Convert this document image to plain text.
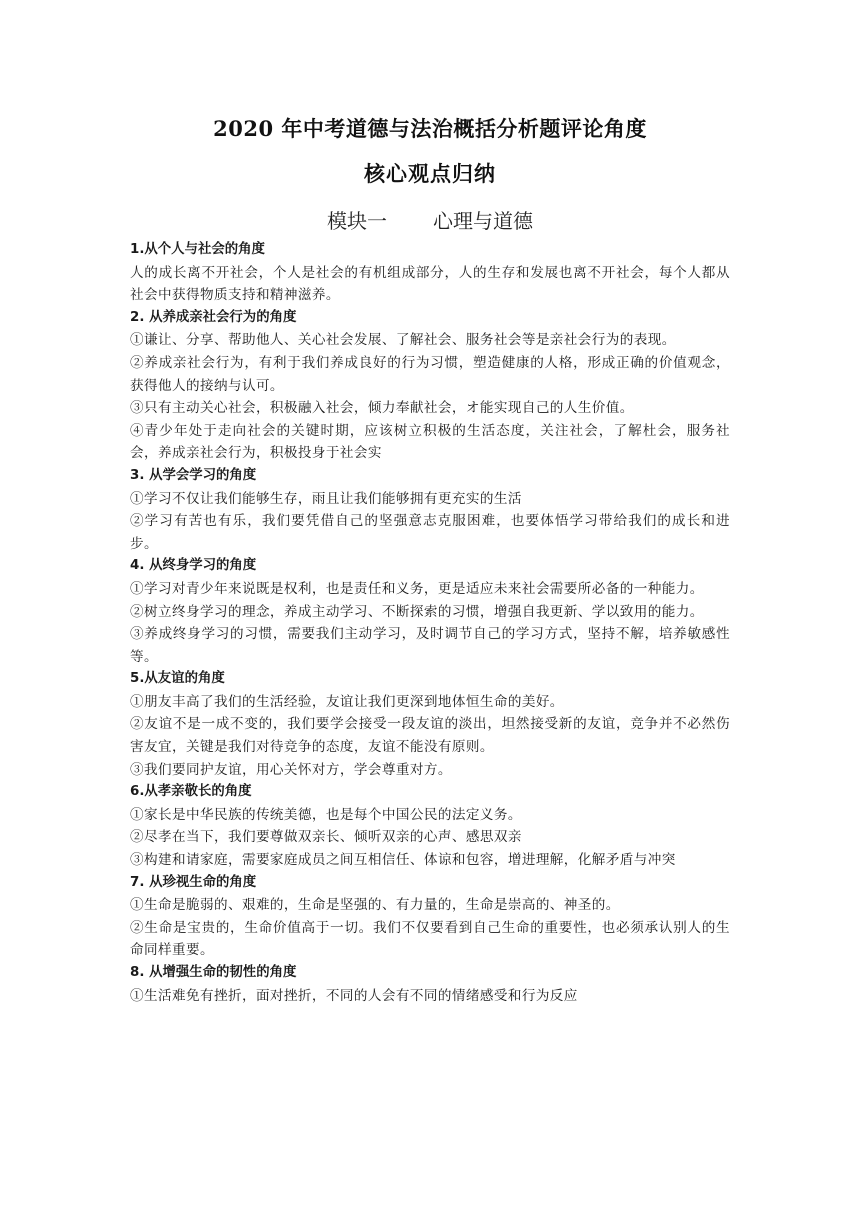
2020 年中考道德与法治概括分析题评论角度
核心观点归纳
模块一 心理与道德
1.从个人与社会的角度
人的成长离不开社会，个人是社会的有机组成部分，人的生存和发展也离不开社会，每个人都从社会中获得物质支持和精神滋养。
2. 从养成亲社会行为的角度
①谦让、分享、帮助他人、关心社会发展、了解社会、服务社会等是亲社会行为的表现。
②养成亲社会行为，有利于我们养成良好的行为习惯，塑造健康的人格，形成正确的价值观念，获得他人的接纳与认可。
③只有主动关心社会，积极融入社会，倾力奉献社会，オ能实现自己的人生价值。
④青少年处于走向社会的关键时期，应该树立积极的生活态度，关注社会，了解杜会，服务社会，养成亲社会行为，积极投身于社会实
3. 从学会学习的角度
①学习不仅让我们能够生存，雨且让我们能够拥有更充实的生活
②学习有苦也有乐，我们要凭借自己的坚强意志克服困难，也要体悟学习带给我们的成长和进步。
4. 从终身学习的角度
①学习对青少年来说既是权利，也是责任和义务，更是适应未来社会需要所必备的一种能力。
②树立终身学习的理念，养成主动学习、不断探索的习惯，增强自我更新、学以致用的能力。
③养成终身学习的习惯，需要我们主动学习，及时调节自己的学习方式，坚持不解，培养敏感性等。
5.从友谊的角度
①朋友丰高了我们的生活经验，友谊让我们更深到地体恒生命的美好。
②友谊不是一成不变的，我们要学会接受一段友谊的淡出，坦然接受新的友谊，竞争并不必然伤害友宜，关键是我们对待竞争的态度，友谊不能没有原则。
③我们要同护友谊，用心关怀对方，学会尊重对方。
6.从孝亲敬长的角度
①家长是中华民族的传统美德，也是每个中国公民的法定义务。
②尽孝在当下，我们要尊做双亲长、倾听双亲的心声、感思双亲
③构建和请家庭，需要家庭成员之间互相信任、体谅和包容，增进理解，化解矛盾与冲突
7. 从珍视生命的角度
①生命是脆弱的、艰难的，生命是坚强的、有力量的，生命是崇高的、神圣的。
②生命是宝贵的，生命价值高于一切。我们不仅要看到自己生命的重要性，也必须承认别人的生命同样重要。
8. 从增强生命的韧性的角度
①生活难免有挫折，面对挫折，不同的人会有不同的情绪感受和行为反应
